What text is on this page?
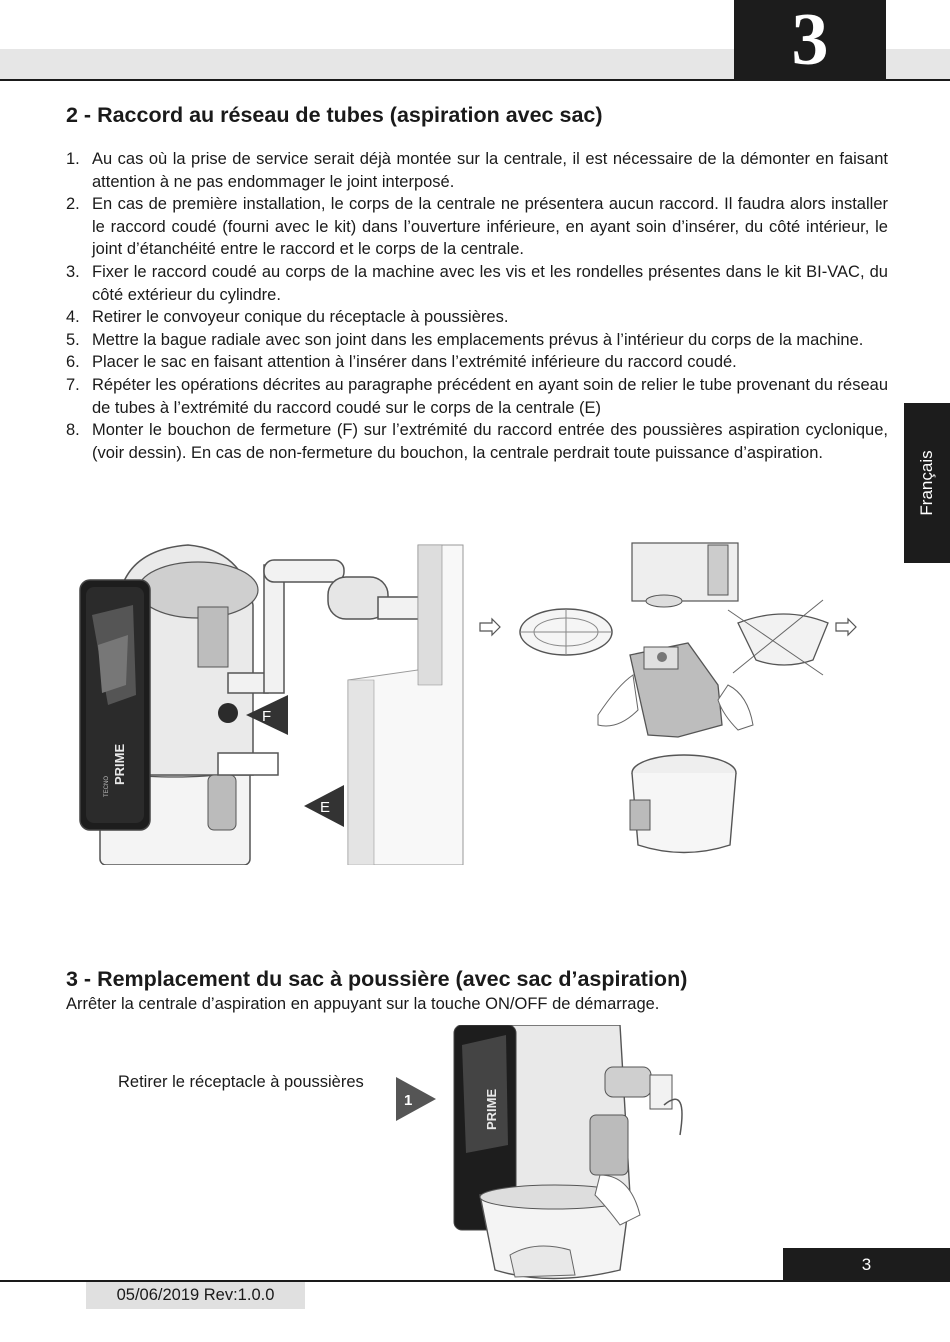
3
Français
2 - Raccord au réseau de tubes (aspiration avec sac)
1. Au cas où la prise de service serait déjà montée sur la centrale, il est nécessaire de la démonter en faisant attention à ne pas endommager le joint interposé.
2. En cas de première installation, le corps de la centrale ne présentera aucun raccord. Il faudra alors installer le raccord coudé (fourni avec le kit) dans l’ouverture inférieure, en ayant soin d’insérer, du côté intérieur, le joint d’étanchéité entre le raccord et le corps de la centrale.
3. Fixer le raccord coudé au corps de la machine avec les vis et les rondelles présentes dans le kit BI-VAC, du côté extérieur du cylindre.
4. Retirer le convoyeur conique du réceptacle à poussières.
5. Mettre la bague radiale avec son joint dans les emplacements prévus à l’intérieur du corps de la machine.
6. Placer le sac en faisant attention à l’insérer dans l’extrémité inférieure du raccord coudé.
7. Répéter les opérations décrites au paragraphe précédent en ayant soin de relier le tube provenant du réseau de tubes à l’extrémité du raccord coudé sur le corps de la centrale (E)
8. Monter le bouchon de fermeture (F) sur l’extrémité du raccord entrée des poussières aspiration cyclonique, (voir dessin). En cas de non-fermeture du bouchon, la centrale perdrait toute puissance d’aspiration.
PRIME
TECNO
F
E
3 - Remplacement du sac à poussière (avec sac d’aspiration)
Arrêter la centrale d’aspiration en appuyant sur la touche ON/OFF de démarrage.
Retirer le réceptacle à poussières
1	PRIME
3
05/06/2019 Rev:1.0.0
